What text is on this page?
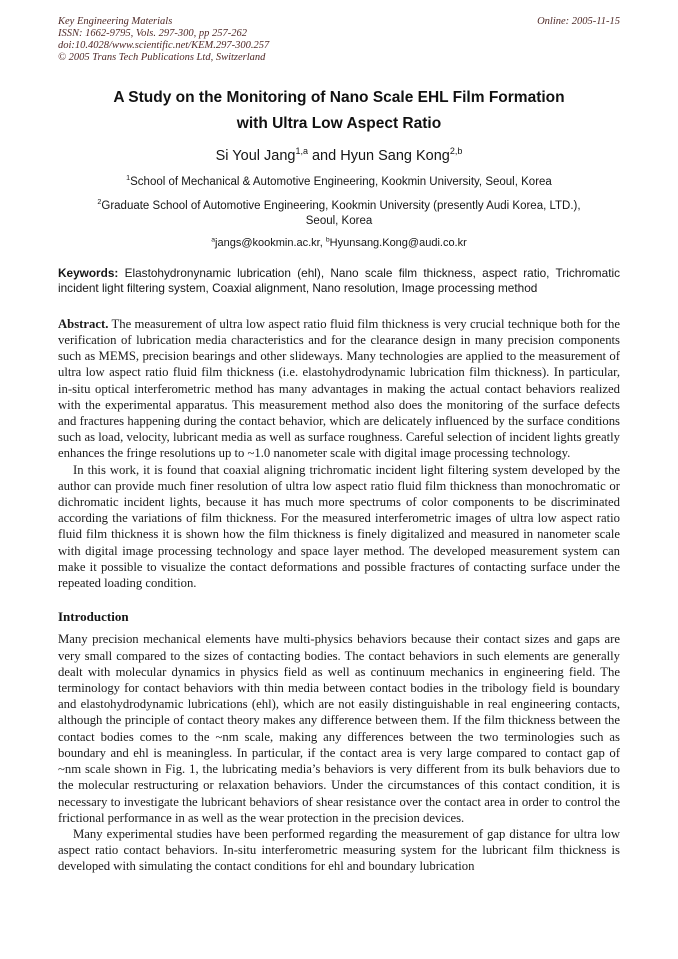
Key Engineering Materials
ISSN: 1662-9795, Vols. 297-300, pp 257-262
doi:10.4028/www.scientific.net/KEM.297-300.257
© 2005 Trans Tech Publications Ltd, Switzerland
Online: 2005-11-15
A Study on the Monitoring of Nano Scale EHL Film Formation
with Ultra Low Aspect Ratio
Si Youl Jang$^{1,a}$ and Hyun Sang Kong$^{2,b}$
$^1$School of Mechanical & Automotive Engineering, Kookmin University, Seoul, Korea
$^2$Graduate School of Automotive Engineering, Kookmin University (presently Audi Korea, LTD.),
Seoul, Korea
$^a$jangs@kookmin.ac.kr, $^b$Hyunsang.Kong@audi.co.kr
Keywords: Elastohydronynamic lubrication (ehl), Nano scale film thickness, aspect ratio, Trichromatic incident light filtering system, Coaxial alignment, Nano resolution, Image processing method

Abstract. The measurement of ultra low aspect ratio fluid film thickness is very crucial technique both for the verification of lubrication media characteristics and for the clearance design in many precision components such as MEMS, precision bearings and other slideways. Many technologies are applied to the measurement of ultra low aspect ratio fluid film thickness (i.e. elastohydrodynamic lubrication film thickness). In particular, in-situ optical interferometric method has many advantages in making the actual contact behaviors realized with the experimental apparatus. This measurement method also does the monitoring of the surface defects and fractures happening during the contact behavior, which are delicately influenced by the surface conditions such as load, velocity, lubricant media as well as surface roughness. Careful selection of incident lights greatly enhances the fringe resolutions up to ~1.0 nanometer scale with digital image processing technology.

In this work, it is found that coaxial aligning trichromatic incident light filtering system developed by the author can provide much finer resolution of ultra low aspect ratio fluid film thickness than monochromatic or dichromatic incident lights, because it has much more spectrums of color components to be discriminated according the variations of film thickness. For the measured interferometric images of ultra low aspect ratio fluid film thickness it is shown how the film thickness is finely digitalized and measured in nanometer scale with digital image processing technology and space layer method. The developed measurement system can make it possible to visualize the contact deformations and possible fractures of contacting surface under the repeated loading condition.

Introduction

Many precision mechanical elements have multi-physics behaviors because their contact sizes and gaps are very small compared to the sizes of contacting bodies. The contact behaviors in such elements are generally dealt with molecular dynamics in physics field as well as continuum mechanics in engineering field. The terminology for contact behaviors with thin media between contact bodies in the tribology field is boundary and elastohydrodynamic lubrications (ehl), which are not easily distinguishable in real engineering contacts, although the principle of contact theory makes any difference between them. If the film thickness between the contact bodies comes to the ~nm scale, making any differences between the two terminologies such as boundary and ehl is meaningless. In particular, if the contact area is very large compared to contact gap of ~nm scale shown in Fig. 1, the lubricating media’s behaviors is very different from its bulk behaviors due to the molecular restructuring or relaxation behaviors. Under the circumstances of this contact condition, it is necessary to investigate the lubricant behaviors of shear resistance over the contact area in order to control the frictional performance in as well as the wear protection in the precision devices.

Many experimental studies have been performed regarding the measurement of gap distance for ultra low aspect ratio contact behaviors. In-situ interferometric measuring system for the lubricant film thickness is developed with simulating the contact conditions for ehl and boundary lubrication
